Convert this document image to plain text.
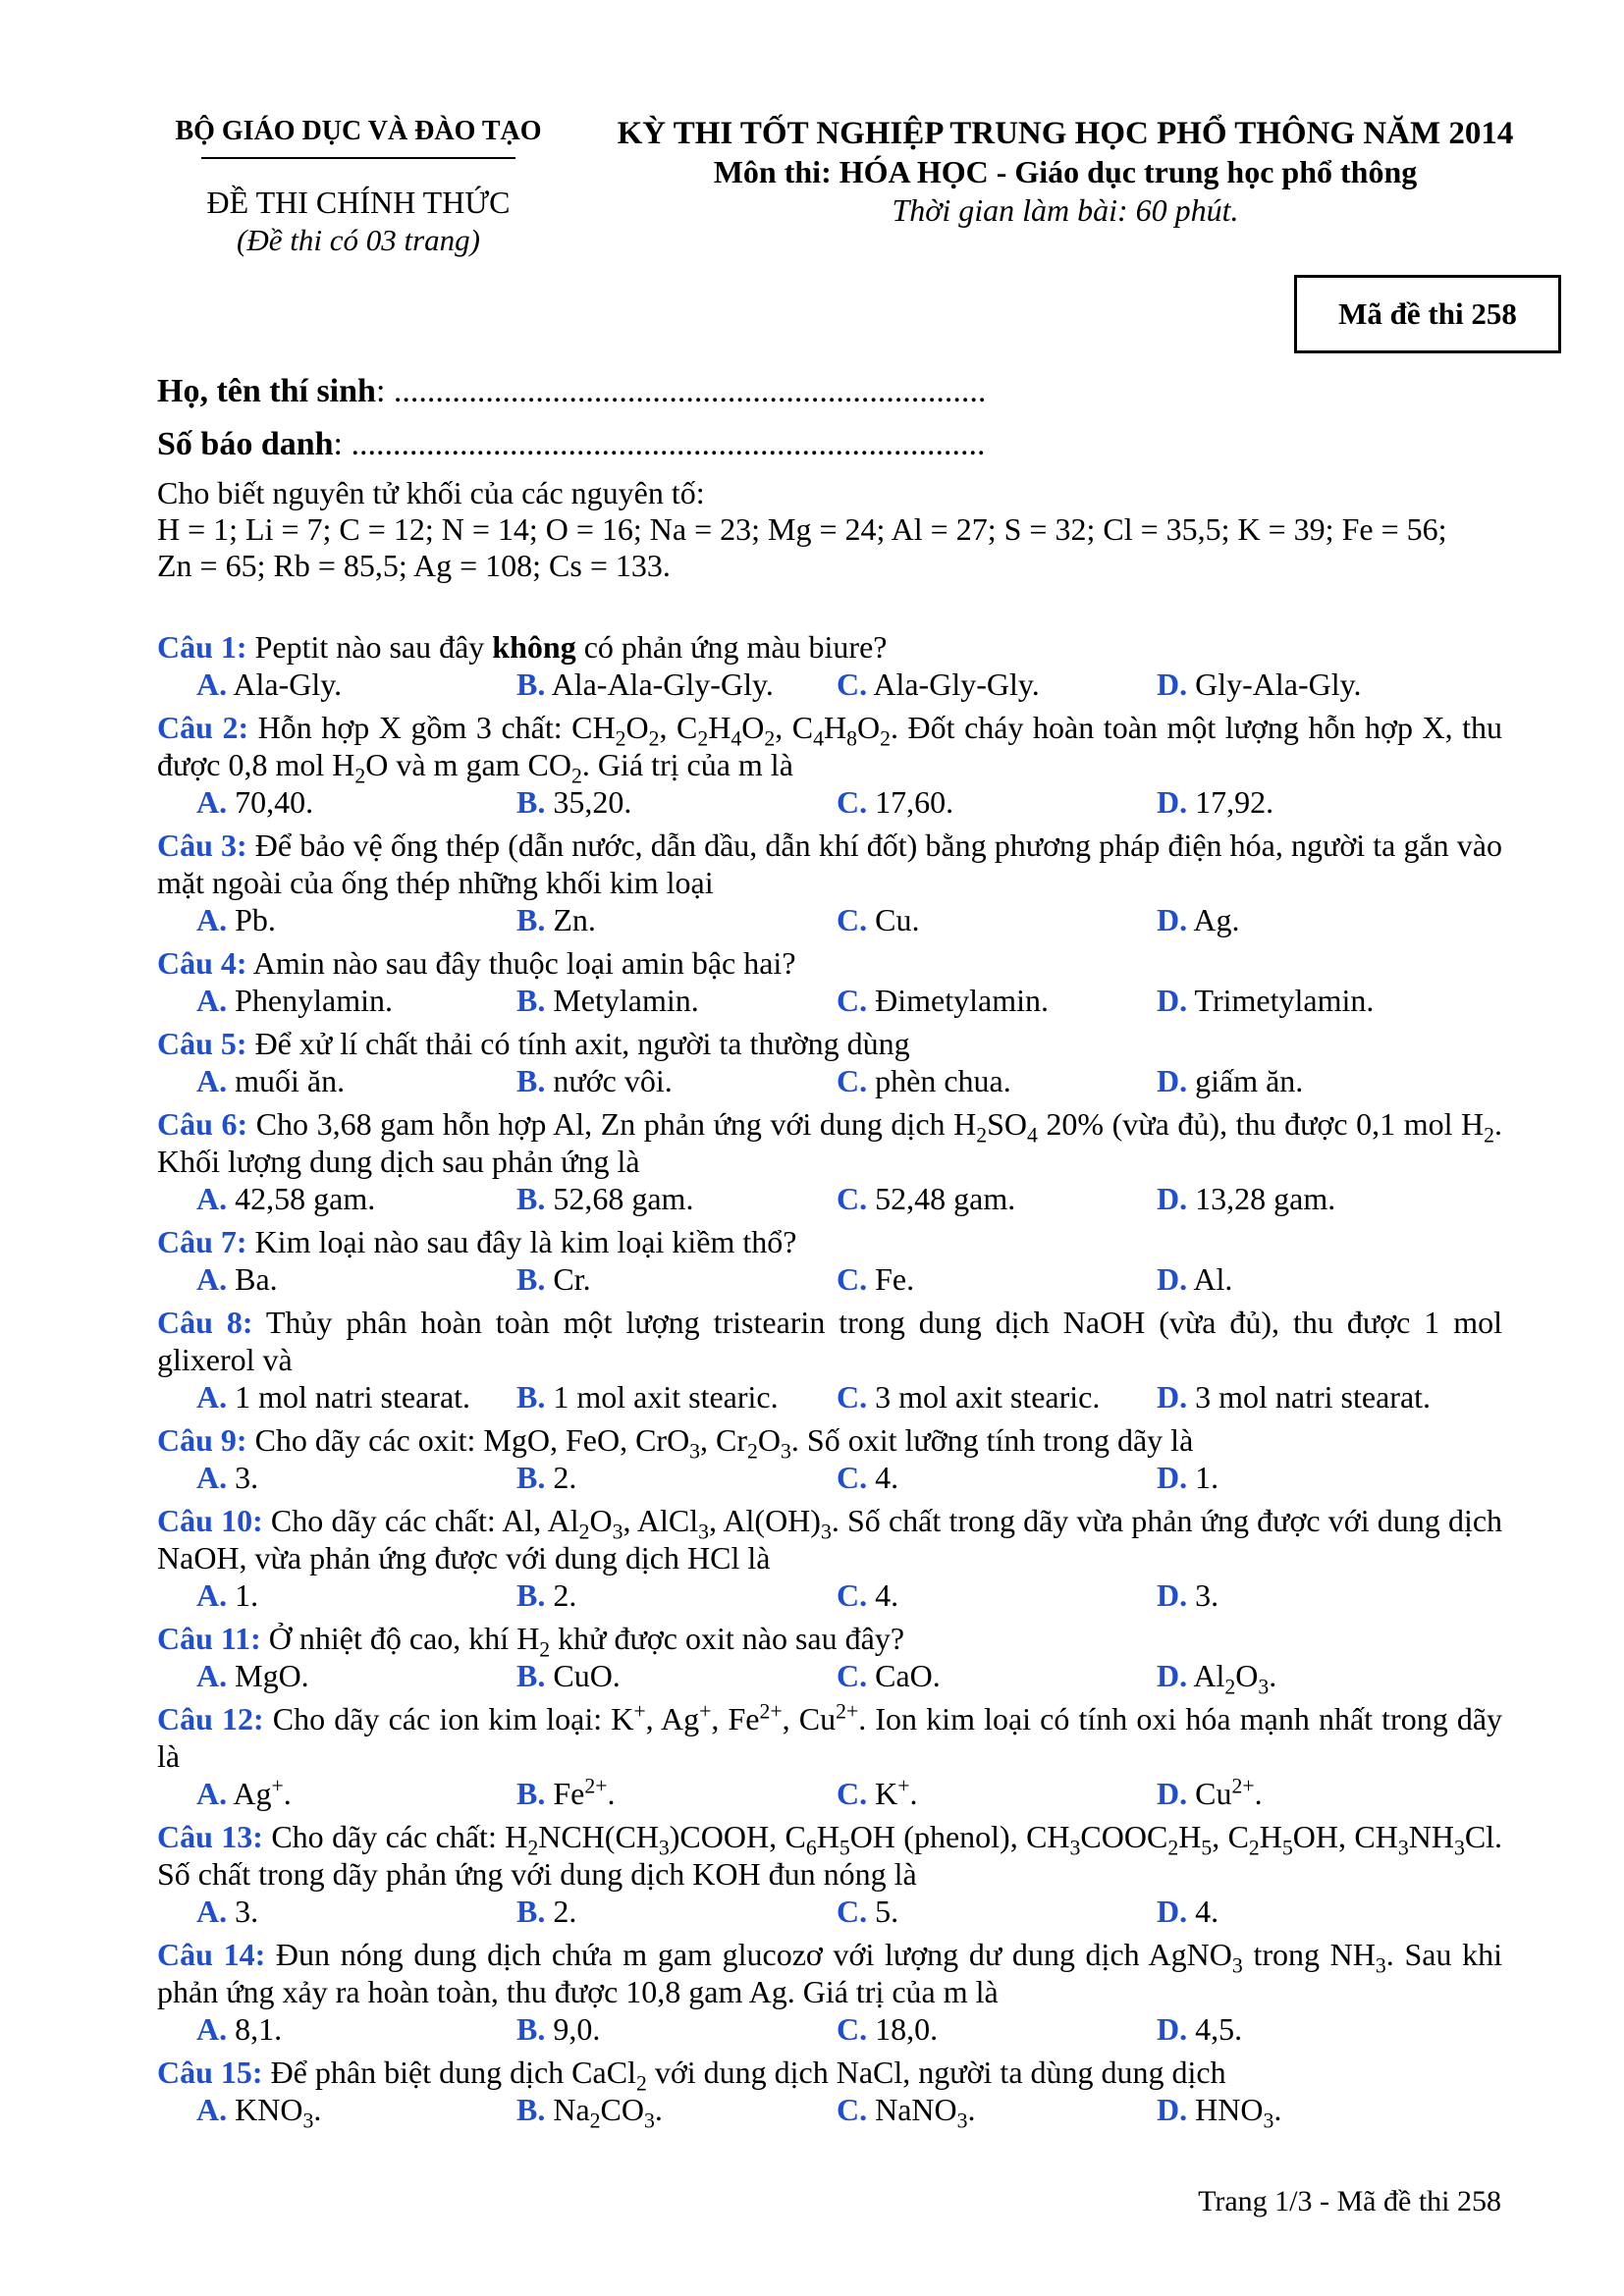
BỘ GIÁO DỤC VÀ ĐÀO TẠO
ĐỀ THI CHÍNH THỨC
(Đề thi có 03 trang)
KỲ THI TỐT NGHIỆP TRUNG HỌC PHỔ THÔNG NĂM 2014
Môn thi: HÓA HỌC - Giáo dục trung học phổ thông
Thời gian làm bài: 60 phút.
Mã đề thi 258
Họ, tên thí sinh: .......................................................................
Số báo danh: ............................................................................
Cho biết nguyên tử khối của các nguyên tố:
H = 1; Li = 7; C = 12; N = 14; O = 16; Na = 23; Mg = 24; Al = 27; S = 32; Cl = 35,5; K = 39; Fe = 56;
Zn = 65; Rb = 85,5; Ag = 108; Cs = 133.
Câu 1: Peptit nào sau đây không có phản ứng màu biure?
A. Ala-Gly.	B. Ala-Ala-Gly-Gly.	C. Ala-Gly-Gly.	D. Gly-Ala-Gly.
Câu 2: Hỗn hợp X gồm 3 chất: $CH_2O_2$, $C_2H_4O_2$, $C_4H_8O_2$. Đốt cháy hoàn toàn một lượng hỗn hợp X, thu được 0,8 mol $H_2O$ và m gam $CO_2$. Giá trị của m là
A. 70,40.	B. 35,20.	C. 17,60.	D. 17,92.
Câu 3: Để bảo vệ ống thép (dẫn nước, dẫn dầu, dẫn khí đốt) bằng phương pháp điện hóa, người ta gắn vào mặt ngoài của ống thép những khối kim loại
A. Pb.	B. Zn.	C. Cu.	D. Ag.
Câu 4: Amin nào sau đây thuộc loại amin bậc hai?
A. Phenylamin.	B. Metylamin.	C. Đimetylamin.	D. Trimetylamin.
Câu 5: Để xử lí chất thải có tính axit, người ta thường dùng
A. muối ăn.	B. nước vôi.	C. phèn chua.	D. giấm ăn.
Câu 6: Cho 3,68 gam hỗn hợp Al, Zn phản ứng với dung dịch $H_2SO_4$ 20% (vừa đủ), thu được 0,1 mol $H_2$. Khối lượng dung dịch sau phản ứng là
A. 42,58 gam.	B. 52,68 gam.	C. 52,48 gam.	D. 13,28 gam.
Câu 7: Kim loại nào sau đây là kim loại kiềm thổ?
A. Ba.	B. Cr.	C. Fe.	D. Al.
Câu 8: Thủy phân hoàn toàn một lượng tristearin trong dung dịch NaOH (vừa đủ), thu được 1 mol glixerol và
A. 1 mol natri stearat.	B. 1 mol axit stearic.	C. 3 mol axit stearic.	D. 3 mol natri stearat.
Câu 9: Cho dãy các oxit: MgO, FeO, CrO$_3$, $Cr_2O_3$. Số oxit lưỡng tính trong dãy là
A. 3.	B. 2.	C. 4.	D. 1.
Câu 10: Cho dãy các chất: Al, $Al_2O_3$, AlCl$_3$, $Al(OH)_3$. Số chất trong dãy vừa phản ứng được với dung dịch NaOH, vừa phản ứng được với dung dịch HCl là
A. 1.	B. 2.	C. 4.	D. 3.
Câu 11: Ở nhiệt độ cao, khí $H_2$ khử được oxit nào sau đây?
A. MgO.	B. CuO.	C. CaO.	D. $Al_2O_3$.
Câu 12: Cho dãy các ion kim loại: K+, Ag+, $Fe^{2+}$, $Cu^{2+}$. Ion kim loại có tính oxi hóa mạnh nhất trong dãy là
A. Ag+.	B. $Fe^{2+}$.	C. K+.	D. $Cu^{2+}$.
Câu 13: Cho dãy các chất: $H_2NCH(CH_3)COOH$, $C_6H_5OH$ (phenol), $CH_3COOC_2H_5$, $C_2H_5OH$, $CH_3NH_3Cl$. Số chất trong dãy phản ứng với dung dịch KOH đun nóng là
A. 3.	B. 2.	C. 5.	D. 4.
Câu 14: Đun nóng dung dịch chứa m gam glucozơ với lượng dư dung dịch AgNO$_3$ trong $NH_3$. Sau khi phản ứng xảy ra hoàn toàn, thu được 10,8 gam Ag. Giá trị của m là
A. 8,1.	B. 9,0.	C. 18,0.	D. 4,5.
Câu 15: Để phân biệt dung dịch CaCl$_2$ với dung dịch NaCl, người ta dùng dung dịch
A. $KNO_3$.	B. $Na_2CO_3$.	C. NaNO$_3$.	D. $HNO_3$.
Trang 1/3 - Mã đề thi 258
